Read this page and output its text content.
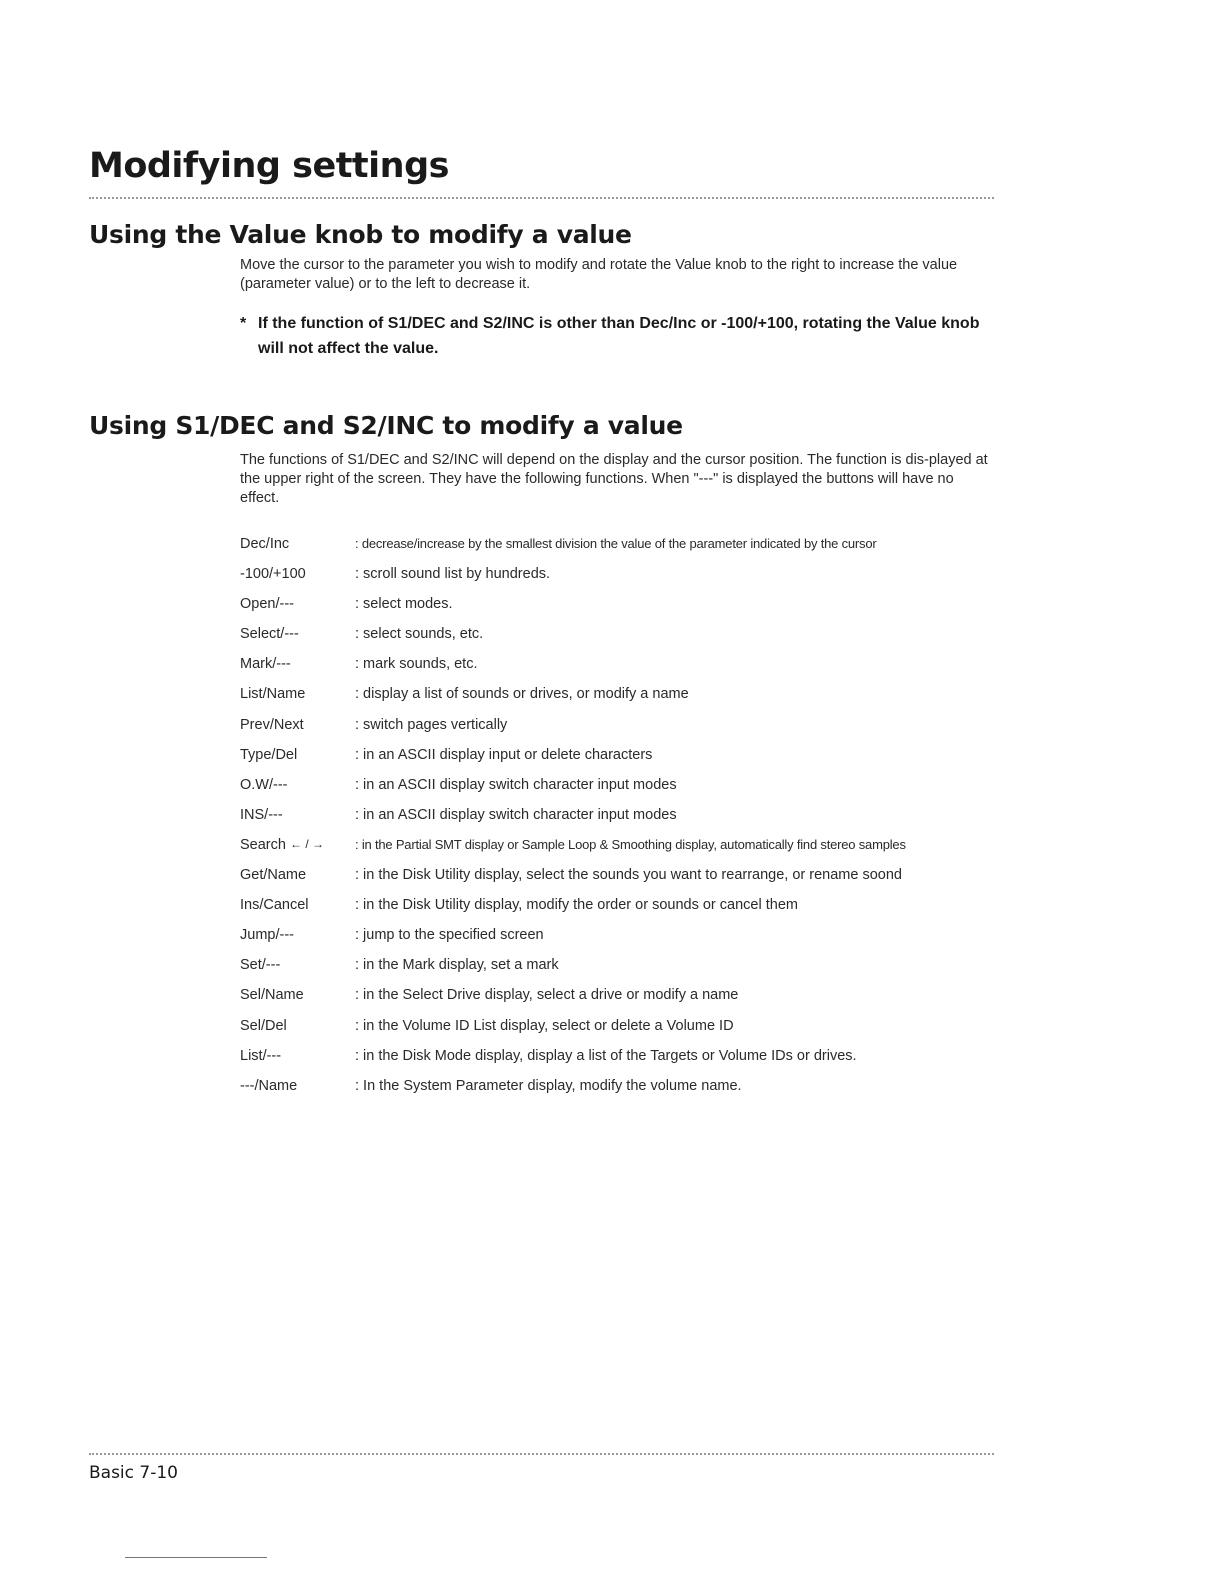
Modifying settings
Using the Value knob to modify a value

Move the cursor to the parameter you wish to modify and rotate the Value knob to the right to increase the value (parameter value) or to the left to decrease it.

* If the function of S1/DEC and S2/INC is other than Dec/Inc or -100/+100, rotating the Value knob will not affect the value.
Using S1/DEC and S2/INC to modify a value

The functions of S1/DEC and S2/INC will depend on the display and the cursor position. The function is dis-played at the upper right of the screen. They have the following functions. When "---" is displayed the buttons will have no effect.

Dec/Inc	: decrease/increase by the smallest division the value of the parameter indicated by the cursor
-100/+100	: scroll sound list by hundreds.
Open/---	: select modes.
Select/---	: select sounds, etc.
Mark/---	: mark sounds, etc.
List/Name	: display a list of sounds or drives, or modify a name
Prev/Next	: switch pages vertically
Type/Del	: in an ASCII display input or delete characters
O.W/---	: in an ASCII display switch character input modes
INS/---	: in an ASCII display switch character input modes
Search ← / →	: in the Partial SMT display or Sample Loop & Smoothing display, automatically find stereo samples
Get/Name	: in the Disk Utility display, select the sounds you want to rearrange, or rename soond
Ins/Cancel	: in the Disk Utility display, modify the order or sounds or cancel them
Jump/---	: jump to the specified screen
Set/---	: in the Mark display, set a mark
Sel/Name	: in the Select Drive display, select a drive or modify a name
Sel/Del	: in the Volume ID List display, select or delete a Volume ID
List/---	: in the Disk Mode display, display a list of the Targets or Volume IDs or drives.
---/Name	: In the System Parameter display, modify the volume name.
Basic 7-10
